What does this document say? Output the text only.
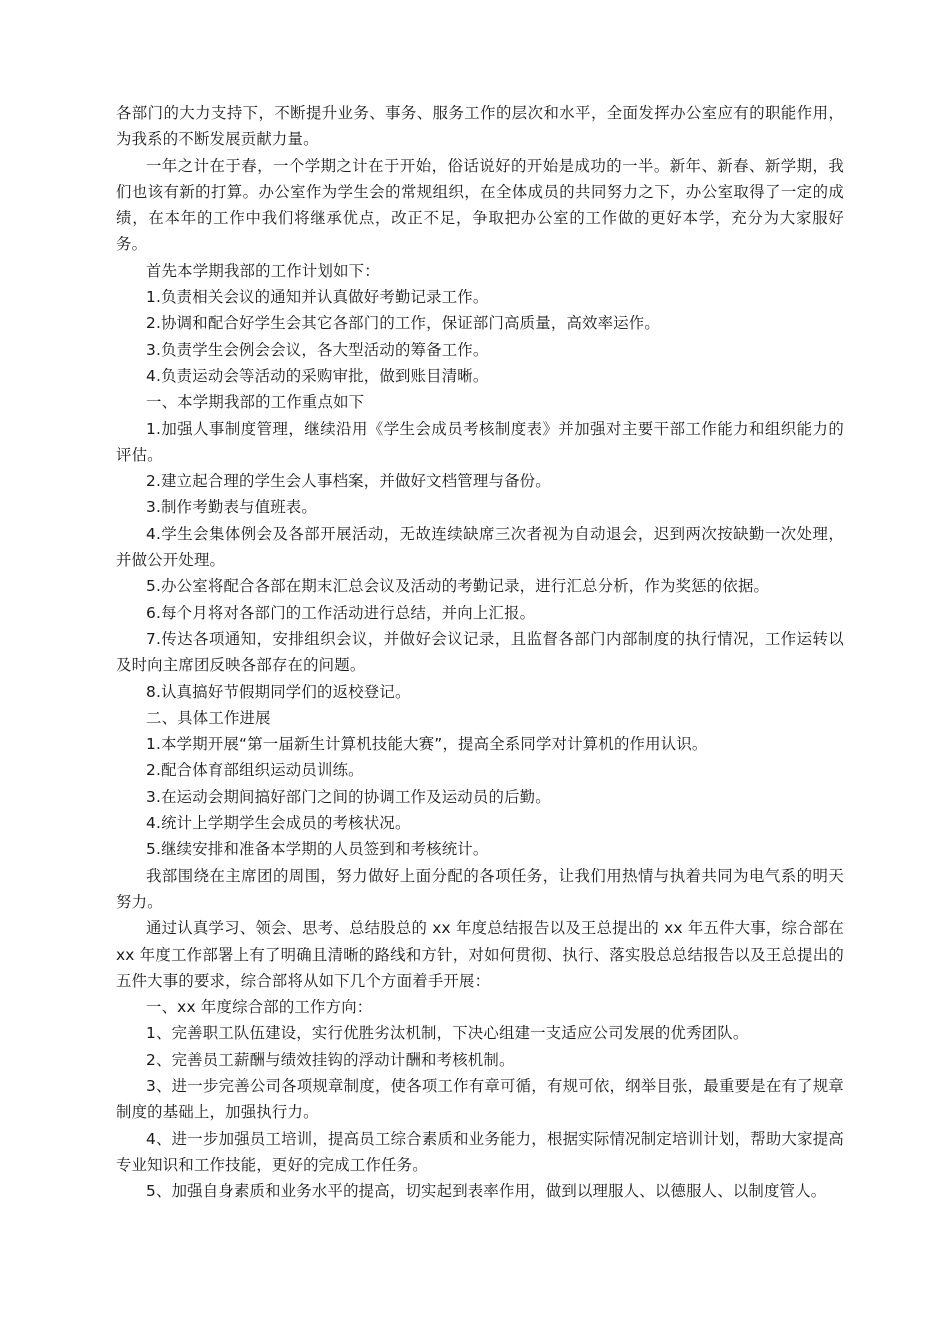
各部门的大力支持下，不断提升业务、事务、服务工作的层次和水平，全面发挥办公室应有的职能作用，为我系的不断发展贡献力量。

一年之计在于春，一个学期之计在于开始，俗话说好的开始是成功的一半。新年、新春、新学期，我们也该有新的打算。办公室作为学生会的常规组织，在全体成员的共同努力之下，办公室取得了一定的成绩，在本年的工作中我们将继承优点，改正不足，争取把办公室的工作做的更好本学，充分为大家服好务。

首先本学期我部的工作计划如下：

1.负责相关会议的通知并认真做好考勤记录工作。

2.协调和配合好学生会其它各部门的工作，保证部门高质量，高效率运作。

3.负责学生会例会会议，各大型活动的筹备工作。

4.负责运动会等活动的采购审批，做到账目清晰。

一、本学期我部的工作重点如下

1.加强人事制度管理，继续沿用《学生会成员考核制度表》并加强对主要干部工作能力和组织能力的评估。

2.建立起合理的学生会人事档案，并做好文档管理与备份。

3.制作考勤表与值班表。

4.学生会集体例会及各部开展活动，无故连续缺席三次者视为自动退会，迟到两次按缺勤一次处理，并做公开处理。

5.办公室将配合各部在期末汇总会议及活动的考勤记录，进行汇总分析，作为奖惩的依据。

6.每个月将对各部门的工作活动进行总结，并向上汇报。

7.传达各项通知，安排组织会议，并做好会议记录，且监督各部门内部制度的执行情况，工作运转以及时向主席团反映各部存在的问题。

8.认真搞好节假期同学们的返校登记。

二、具体工作进展

1.本学期开展“第一届新生计算机技能大赛”，提高全系同学对计算机的作用认识。

2.配合体育部组织运动员训练。

3.在运动会期间搞好部门之间的协调工作及运动员的后勤。

4.统计上学期学生会成员的考核状况。

5.继续安排和准备本学期的人员签到和考核统计。

我部围绕在主席团的周围，努力做好上面分配的各项任务，让我们用热情与执着共同为电气系的明天努力。

通过认真学习、领会、思考、总结股总的 xx 年度总结报告以及王总提出的 xx 年五件大事，综合部在 xx 年度工作部署上有了明确且清晰的路线和方针，对如何贯彻、执行、落实股总总结报告以及王总提出的五件大事的要求，综合部将从如下几个方面着手开展：

一、xx 年度综合部的工作方向：

1、完善职工队伍建设，实行优胜劣汰机制，下决心组建一支适应公司发展的优秀团队。

2、完善员工薪酬与绩效挂钩的浮动计酬和考核机制。

3、进一步完善公司各项规章制度，使各项工作有章可循，有规可依，纲举目张，最重要是在有了规章制度的基础上，加强执行力。

4、进一步加强员工培训，提高员工综合素质和业务能力，根据实际情况制定培训计划，帮助大家提高专业知识和工作技能，更好的完成工作任务。

5、加强自身素质和业务水平的提高，切实起到表率作用，做到以理服人、以德服人、以制度管人。
